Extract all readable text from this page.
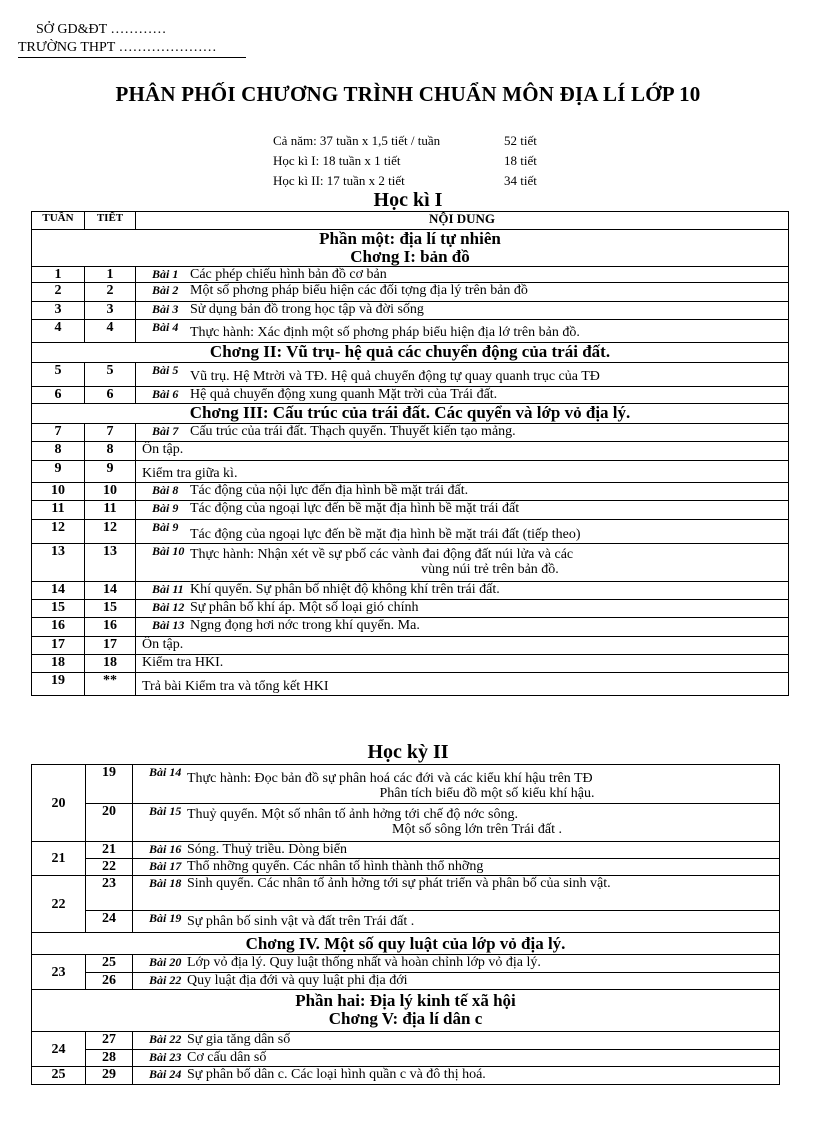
SỞ GD&ĐT …………
TRƯỜNG THPT …………………
PHÂN PHỐI CHƯƠNG TRÌNH CHUẨN MÔN ĐỊA LÍ LỚP 10
Cả năm: 37 tuần x 1,5 tiết / tuần	52 tiết
Học kì I: 18 tuần x 1 tiết	18 tiết
Học kì II: 17 tuần x 2 tiết	34 tiết
Học kì I
TUẦN	TIẾT	NỘI DUNG

Phần một: địa lí tự nhiên
Chơng I: bản đồ		

1	1	Bài 1 Các phép chiếu hình bản đồ cơ bản
2	2	Bài 2 Một số phơng pháp biểu hiện các đối tợng địa lý trên bản đồ
3	3	Bài 3 Sử dụng bản đồ trong học tập và đời sống
4	4	Bài 4 Thực hành: Xác định một số phơng pháp biểu hiện địa lớ trên bản đồ.
Chơng II: Vũ trụ- hệ quả các chuyển động của trái đất.		
5	5	Bài 5 Vũ trụ. Hệ Mtrời và TĐ. Hệ quả chuyển động tự quay quanh trục của TĐ
6	6	Bài 6 Hệ quả chuyển động xung quanh Mặt trời của Trái đất.
Chơng III: Cấu trúc của trái đất. Các quyển và lớp vỏ địa lý.		
7	7	Bài 7 Cấu trúc của trái đất. Thạch quyển. Thuyết kiến tạo mảng.
8	8	Ôn tập.
9	9	Kiểm tra giữa kì.
10	10	Bài 8 Tác động của nội lực đến địa hình bề mặt trái đất.
11	11	Bài 9 Tác động của ngoại lực đến bề mặt địa hình bề mặt trái đất
12	12	Bài 9 Tác động của ngoại lực đến bề mặt địa hình bề mặt trái đất (tiếp theo)
13	13	Bài 10 Thực hành: Nhận xét về sự pbố các vành đai động đất núi lửa và các
vùng núi trẻ trên bản đồ.

14	14	Bài 11 Khí quyển. Sự phân bố nhiệt độ không khí trên trái đất.
15	15	Bài 12 Sự phân bố khí áp. Một số loại gió chính
16	16	Bài 13 Ngng đọng hơi nớc trong khí quyển. Ma.
17	17	Ôn tập.
18	18	Kiểm tra HKI.
19	**	Trả bài Kiểm tra và tổng kết HKI
Học kỳ II
20	19	Bài 14 Thực hành: Đọc bản đồ sự phân hoá các đới và các kiểu khí hậu trên TĐ
Phân tích biểu đồ một số kiểu khí hậu.

	20	Bài 15 Thuỷ quyển. Một số nhân tố ảnh hởng tới chế độ nớc sông.
Một số sông lớn trên Trái đất .

21	21	Bài 16 Sóng. Thuỷ triều. Dòng biển
	22	Bài 17 Thổ nhỡng quyển. Các nhân tố hình thành thổ nhỡng
22	23	Bài 18 Sinh quyển. Các nhân tố ảnh hởng tới sự phát triển và phân bố của sinh vật.
	24	Bài 19 Sự phân bố sinh vật và đất trên Trái đất .
Chơng IV. Một số quy luật của lớp vỏ địa lý.		
23	25	Bài 20 Lớp vỏ địa lý. Quy luật thống nhất và hoàn chỉnh lớp vỏ địa lý.
	26	Bài 22 Quy luật địa đới và quy luật phi địa đới

Phần hai: Địa lý kinh tế xã hội
Chơng V: địa lí dân c		

24	27	Bài 22 Sự gia tăng dân số
	28	Bài 23 Cơ cấu dân số
25	29	Bài 24Sự phân bố dân c. Các loại hình quần c và đô thị hoá.
